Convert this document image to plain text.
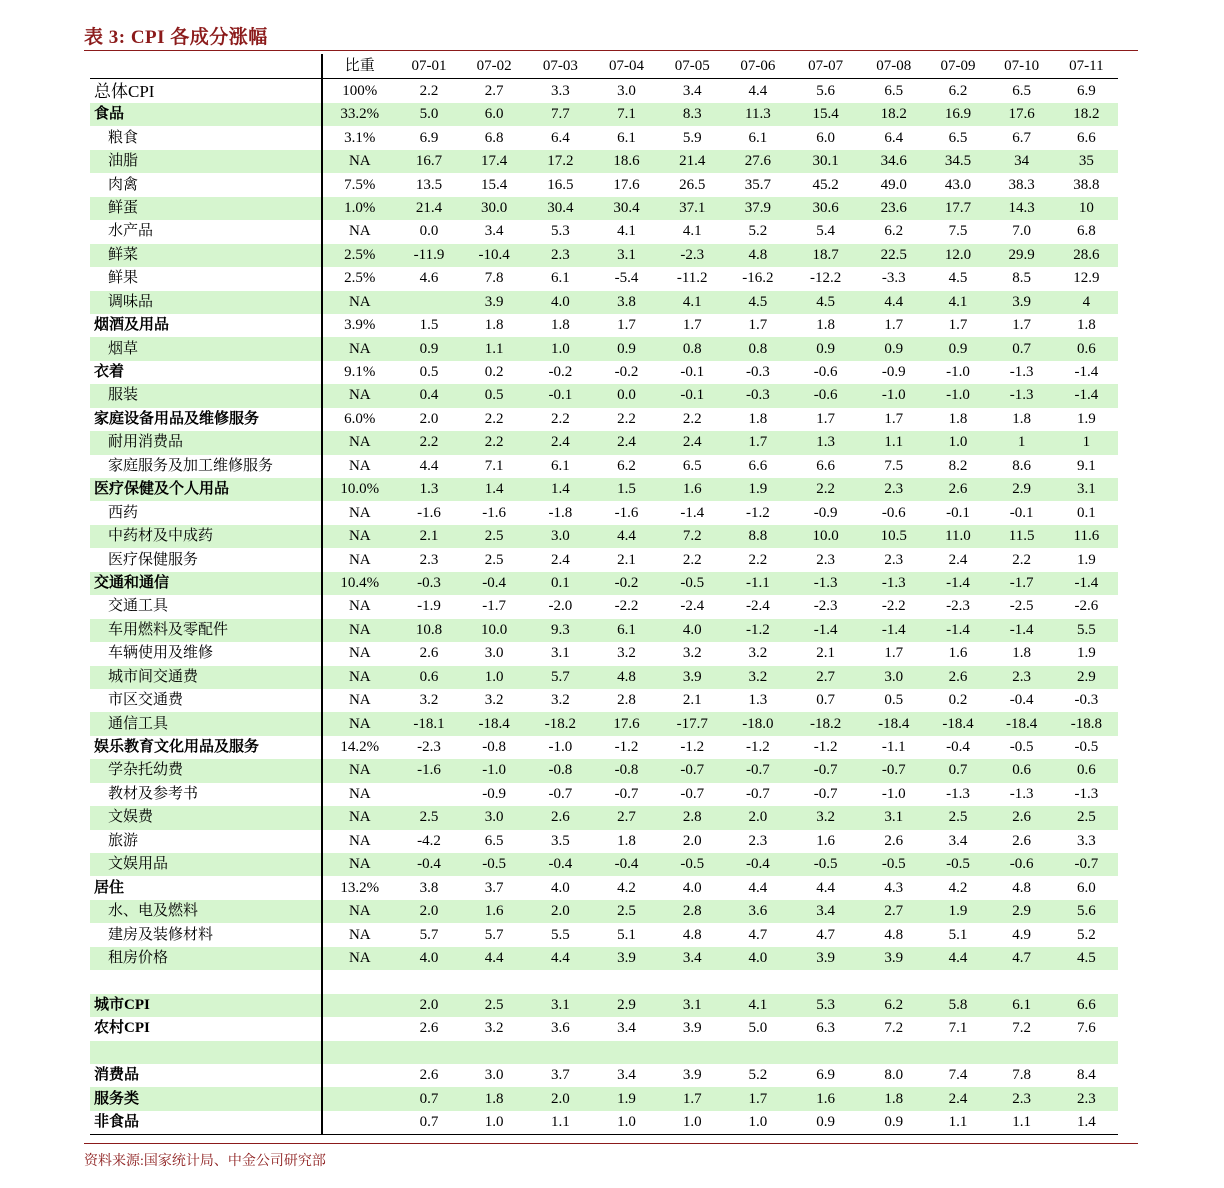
表 3: CPI 各成分涨幅
	比重	07-01	07-02	07-03	07-04	07-05	07-06	07-07	07-08	07-09	07-10	07-11
总体CPI	100%	2.2	2.7	3.3	3.0	3.4	4.4	5.6	6.5	6.2	6.5	6.9
食品	33.2%	5.0	6.0	7.7	7.1	8.3	11.3	15.4	18.2	16.9	17.6	18.2
粮食	3.1%	6.9	6.8	6.4	6.1	5.9	6.1	6.0	6.4	6.5	6.7	6.6
油脂	NA	16.7	17.4	17.2	18.6	21.4	27.6	30.1	34.6	34.5	34	35
肉禽	7.5%	13.5	15.4	16.5	17.6	26.5	35.7	45.2	49.0	43.0	38.3	38.8
鲜蛋	1.0%	21.4	30.0	30.4	30.4	37.1	37.9	30.6	23.6	17.7	14.3	10
水产品	NA	0.0	3.4	5.3	4.1	4.1	5.2	5.4	6.2	7.5	7.0	6.8
鲜菜	2.5%	-11.9	-10.4	2.3	3.1	-2.3	4.8	18.7	22.5	12.0	29.9	28.6
鲜果	2.5%	4.6	7.8	6.1	-5.4	-11.2	-16.2	-12.2	-3.3	4.5	8.5	12.9
调味品	NA		3.9	4.0	3.8	4.1	4.5	4.5	4.4	4.1	3.9	4
烟酒及用品	3.9%	1.5	1.8	1.8	1.7	1.7	1.7	1.8	1.7	1.7	1.7	1.8
烟草	NA	0.9	1.1	1.0	0.9	0.8	0.8	0.9	0.9	0.9	0.7	0.6
衣着	9.1%	0.5	0.2	-0.2	-0.2	-0.1	-0.3	-0.6	-0.9	-1.0	-1.3	-1.4
服装	NA	0.4	0.5	-0.1	0.0	-0.1	-0.3	-0.6	-1.0	-1.0	-1.3	-1.4
家庭设备用品及维修服务	6.0%	2.0	2.2	2.2	2.2	2.2	1.8	1.7	1.7	1.8	1.8	1.9
耐用消费品	NA	2.2	2.2	2.4	2.4	2.4	1.7	1.3	1.1	1.0	1	1
家庭服务及加工维修服务	NA	4.4	7.1	6.1	6.2	6.5	6.6	6.6	7.5	8.2	8.6	9.1
医疗保健及个人用品	10.0%	1.3	1.4	1.4	1.5	1.6	1.9	2.2	2.3	2.6	2.9	3.1
西药	NA	-1.6	-1.6	-1.8	-1.6	-1.4	-1.2	-0.9	-0.6	-0.1	-0.1	0.1
中药材及中成药	NA	2.1	2.5	3.0	4.4	7.2	8.8	10.0	10.5	11.0	11.5	11.6
医疗保健服务	NA	2.3	2.5	2.4	2.1	2.2	2.2	2.3	2.3	2.4	2.2	1.9
交通和通信	10.4%	-0.3	-0.4	0.1	-0.2	-0.5	-1.1	-1.3	-1.3	-1.4	-1.7	-1.4
交通工具	NA	-1.9	-1.7	-2.0	-2.2	-2.4	-2.4	-2.3	-2.2	-2.3	-2.5	-2.6
车用燃料及零配件	NA	10.8	10.0	9.3	6.1	4.0	-1.2	-1.4	-1.4	-1.4	-1.4	5.5
车辆使用及维修	NA	2.6	3.0	3.1	3.2	3.2	3.2	2.1	1.7	1.6	1.8	1.9
城市间交通费	NA	0.6	1.0	5.7	4.8	3.9	3.2	2.7	3.0	2.6	2.3	2.9
市区交通费	NA	3.2	3.2	3.2	2.8	2.1	1.3	0.7	0.5	0.2	-0.4	-0.3
通信工具	NA	-18.1	-18.4	-18.2	17.6	-17.7	-18.0	-18.2	-18.4	-18.4	-18.4	-18.8
娱乐教育文化用品及服务	14.2%	-2.3	-0.8	-1.0	-1.2	-1.2	-1.2	-1.2	-1.1	-0.4	-0.5	-0.5
学杂托幼费	NA	-1.6	-1.0	-0.8	-0.8	-0.7	-0.7	-0.7	-0.7	0.7	0.6	0.6
教材及参考书	NA		-0.9	-0.7	-0.7	-0.7	-0.7	-0.7	-1.0	-1.3	-1.3	-1.3
文娱费	NA	2.5	3.0	2.6	2.7	2.8	2.0	3.2	3.1	2.5	2.6	2.5
旅游	NA	-4.2	6.5	3.5	1.8	2.0	2.3	1.6	2.6	3.4	2.6	3.3
文娱用品	NA	-0.4	-0.5	-0.4	-0.4	-0.5	-0.4	-0.5	-0.5	-0.5	-0.6	-0.7
居住	13.2%	3.8	3.7	4.0	4.2	4.0	4.4	4.4	4.3	4.2	4.8	6.0
水、电及燃料	NA	2.0	1.6	2.0	2.5	2.8	3.6	3.4	2.7	1.9	2.9	5.6
建房及装修材料	NA	5.7	5.7	5.5	5.1	4.8	4.7	4.7	4.8	5.1	4.9	5.2
租房价格	NA	4.0	4.4	4.4	3.9	3.4	4.0	3.9	3.9	4.4	4.7	4.5

城市CPI		2.0	2.5	3.1	2.9	3.1	4.1	5.3	6.2	5.8	6.1	6.6
农村CPI		2.6	3.2	3.6	3.4	3.9	5.0	6.3	7.2	7.1	7.2	7.6

消费品		2.6	3.0	3.7	3.4	3.9	5.2	6.9	8.0	7.4	7.8	8.4
服务类		0.7	1.8	2.0	1.9	1.7	1.7	1.6	1.8	2.4	2.3	2.3
非食品		0.7	1.0	1.1	1.0	1.0	1.0	0.9	0.9	1.1	1.1	1.4
资料来源:国家统计局、中金公司研究部
